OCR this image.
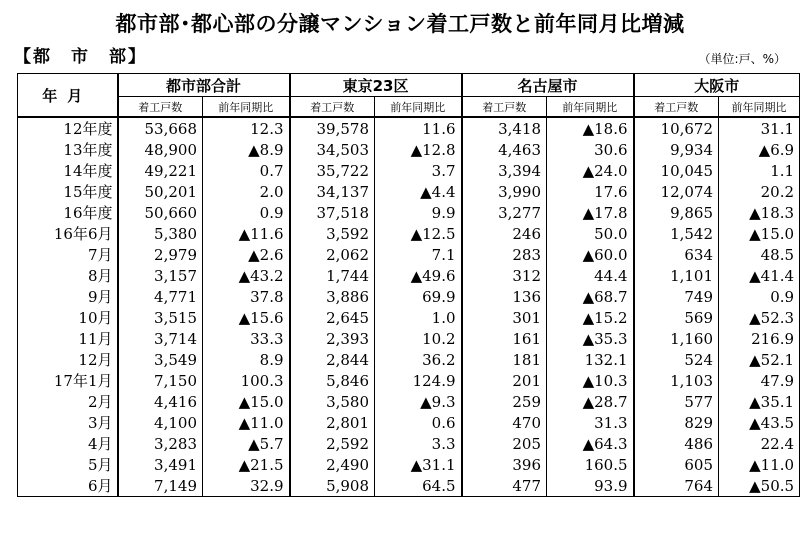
都市部･都心部の分譲マンション着工戸数と前年同月比増減
【都　市　部】	（単位:戸、%）
年月	都市部合計		東京23区		名古屋市		大阪市	
	着工戸数	前年同期比	着工戸数	前年同期比	着工戸数	前年同期比	着工戸数	前年同期比
12年度	53,668	12.3	39,578	11.6	3,418	▲18.6	10,672	31.1
13年度	48,900	▲8.9	34,503	▲12.8	4,463	30.6	9,934	▲6.9
14年度	49,221	0.7	35,722	3.7	3,394	▲24.0	10,045	1.1
15年度	50,201	2.0	34,137	▲4.4	3,990	17.6	12,074	20.2
16年度	50,660	0.9	37,518	9.9	3,277	▲17.8	9,865	▲18.3
16年6月	5,380	▲11.6	3,592	▲12.5	246	50.0	1,542	▲15.0
7月	2,979	▲2.6	2,062	7.1	283	▲60.0	634	48.5
8月	3,157	▲43.2	1,744	▲49.6	312	44.4	1,101	▲41.4
9月	4,771	37.8	3,886	69.9	136	▲68.7	749	0.9
10月	3,515	▲15.6	2,645	1.0	301	▲15.2	569	▲52.3
11月	3,714	33.3	2,393	10.2	161	▲35.3	1,160	216.9
12月	3,549	8.9	2,844	36.2	181	132.1	524	▲52.1
17年1月	7,150	100.3	5,846	124.9	201	▲10.3	1,103	47.9
2月	4,416	▲15.0	3,580	▲9.3	259	▲28.7	577	▲35.1
3月	4,100	▲11.0	2,801	0.6	470	31.3	829	▲43.5
4月	3,283	▲5.7	2,592	3.3	205	▲64.3	486	22.4
5月	3,491	▲21.5	2,490	▲31.1	396	160.5	605	▲11.0
6月	7,149	32.9	5,908	64.5	477	93.9	764	▲50.5
